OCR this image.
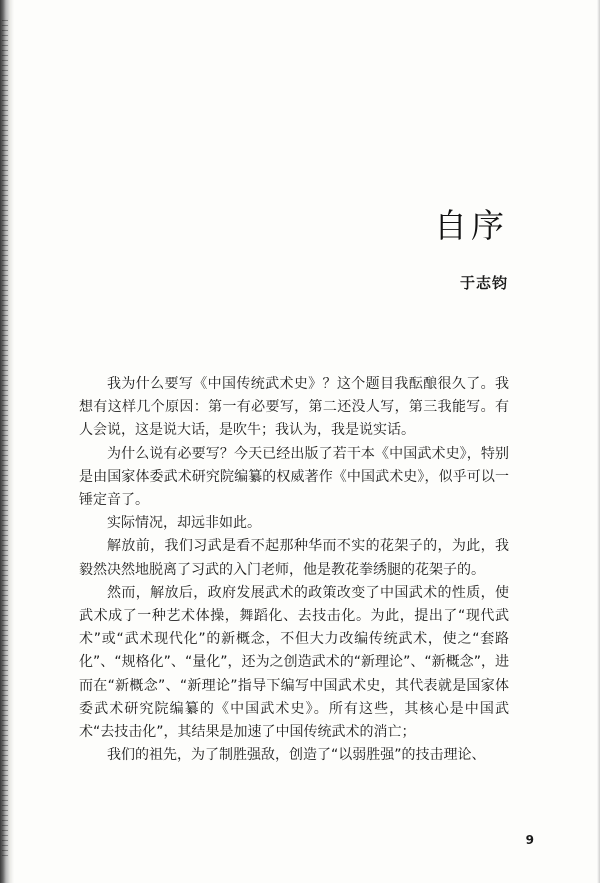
自序
于志钧

我为什么要写《中国传统武术史》？这个题目我酝酿很久了。我想有这样几个原因：第一有必要写，第二还没人写，第三我能写。有人会说，这是说大话，是吹牛；我认为，我是说实话。

为什么说有必要写？今天已经出版了若干本《中国武术史》，特别是由国家体委武术研究院编纂的权威著作《中国武术史》，似乎可以一锤定音了。

实际情况，却远非如此。

解放前，我们习武是看不起那种华而不实的花架子的，为此，我毅然决然地脱离了习武的入门老师，他是教花拳绣腿的花架子的。

然而，解放后，政府发展武术的政策改变了中国武术的性质，使武术成了一种艺术体操，舞蹈化、去技击化。为此，提出了“现代武术”或“武术现代化”的新概念，不但大力改编传统武术，使之“套路化”、“规格化”、“量化”，还为之创造武术的“新理论”、“新概念”，进而在“新概念”、“新理论”指导下编写中国武术史，其代表就是国家体委武术研究院编纂的《中国武术史》。所有这些，其核心是中国武术“去技击化”，其结果是加速了中国传统武术的消亡；

我们的祖先，为了制胜强敌，创造了“以弱胜强”的技击理论、

9
